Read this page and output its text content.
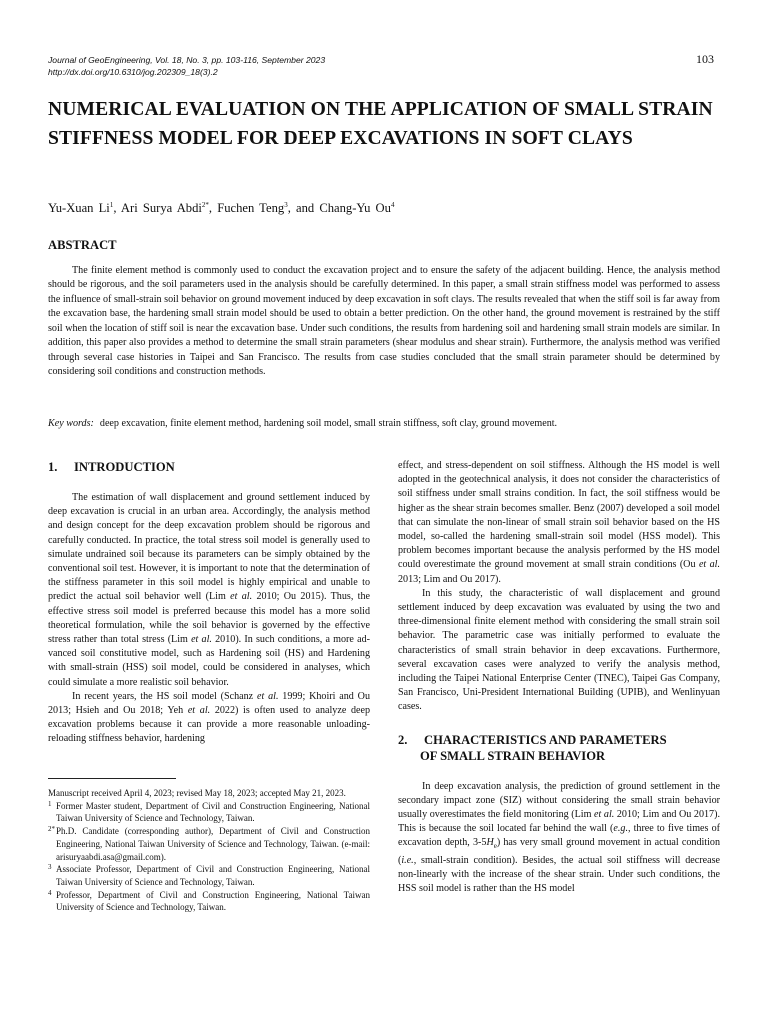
Journal of GeoEngineering, Vol. 18, No. 3, pp. 103-116, September 2023
http://dx.doi.org/10.6310/jog.202309_18(3).2
103
NUMERICAL EVALUATION ON THE APPLICATION OF SMALL STRAIN STIFFNESS MODEL FOR DEEP EXCAVATIONS IN SOFT CLAYS
Yu-Xuan Li$^1$, Ari Surya Abdi$^{2*}$, Fuchen Teng$^3$, and Chang-Yu Ou$^4$
ABSTRACT

The finite element method is commonly used to conduct the excavation project and to ensure the safety of the adjacent building. Hence, the analysis method should be rigorous, and the soil parameters used in the analysis should be carefully determined. In this paper, a small strain stiffness model was performed to assess the influence of small-strain soil behavior on ground movement induced by deep excavation in soft clays. The results revealed that when the stiff soil is far away from the excavation base, the hardening small strain model should be used to obtain a better prediction. On the other hand, the ground movement is restrained by the stiff soil when the location of stiff soil is near the excavation base. Under such conditions, the results from hardening soil and hardening small strain models are similar. In addition, this paper also provides a method to determine the small strain parameters (shear modulus and shear strain). Furthermore, the analysis method was verified through several case histories in Taipei and San Francisco. The results from case studies concluded that the small strain parameter should be determined by considering soil conditions and construction methods.

Key words: deep excavation, finite element method, hardening soil model, small strain stiffness, soft clay, ground movement.
1. INTRODUCTION

The estimation of wall displacement and ground settlement induced by deep excavation is crucial in an urban area. Accordingly, the analysis method and design concept for the deep excavation problem should be rigorous and carefully conducted. In practice, the total stress soil model is generally used to simulate undrained soil because its parameters can be simply obtained by the conventional soil test. However, it is important to note that the determination of the stiffness parameter in this soil model is highly empirical and unable to predict the actual soil behavior well (Lim et al. 2010; Ou 2015). Thus, the effective stress soil model is preferred because this model has a more solid theoretical formulation, while the soil behavior is governed by the effective stress rather than total stress (Lim et al. 2010). In such conditions, a more advanced soil constitutive model, such as Hardening soil (HS) and Hardening with small-strain (HSS) soil model, could be considered in analyses, which could simulate a more realistic soil behavior.

In recent years, the HS soil model (Schanz et al. 1999; Khoiri and Ou 2013; Hsieh and Ou 2018; Yeh et al. 2022) is often used to analyze deep excavation problems because it can provide a more reasonable unloading-reloading stiffness behavior, hardening

Manuscript received April 4, 2023; revised May 18, 2023; accepted May 21, 2023.
1 Former Master student, Department of Civil and Construction Engineering, National Taiwan University of Science and Technology, Taiwan.
2* Ph.D. Candidate (corresponding author), Department of Civil and Construction Engineering, National Taiwan University of Science and Technology, Taiwan. (e-mail: arisuryaabdi.asa@gmail.com).
3 Associate Professor, Department of Civil and Construction Engineering, National Taiwan University of Science and Technology, Taiwan.
4 Professor, Department of Civil and Construction Engineering, National Taiwan University of Science and Technology, Taiwan.

effect, and stress-dependent on soil stiffness. Although the HS model is well adopted in the geotechnical analysis, it does not consider the characteristics of soil stiffness under small strains condition. In fact, the soil stiffness would be higher as the shear strain becomes smaller. Benz (2007) developed a soil model that can simulate the non-linear of small strain soil behavior based on the HS model, so-called the hardening small-strain soil model (HSS model). This problem becomes important because the analysis performed by the HS model could overestimate the ground movement at small strain conditions (Ou et al. 2013; Lim and Ou 2017).

In this study, the characteristic of wall displacement and ground settlement induced by deep excavation was evaluated by using the two and three-dimensional finite element method with considering the small strain soil behavior. The parametric case was initially performed to evaluate the characteristics of small strain behavior in deep excavations. Furthermore, several excavation cases were analyzed to verify the analysis method, including the Taipei National Enterprise Center (TNEC), Taipei Gas Company, San Francisco, Uni-President International Building (UPIB), and Wenlinyuan cases.

2. CHARACTERISTICS AND PARAMETERS
OF SMALL STRAIN BEHAVIOR

In deep excavation analysis, the prediction of ground settlement in the secondary impact zone (SIZ) without considering the small strain behavior usually overestimates the field monitoring (Lim et al. 2010; Lim and Ou 2017). This is because the soil located far behind the wall (e.g., three to five times of excavation depth, $3-5H_e$) has very small ground movement in actual condition (i.e., small-strain condition). Besides, the actual soil stiffness will decrease non-linearly with the increase of the shear strain. Under such conditions, the HSS soil model is rather than the HS model
